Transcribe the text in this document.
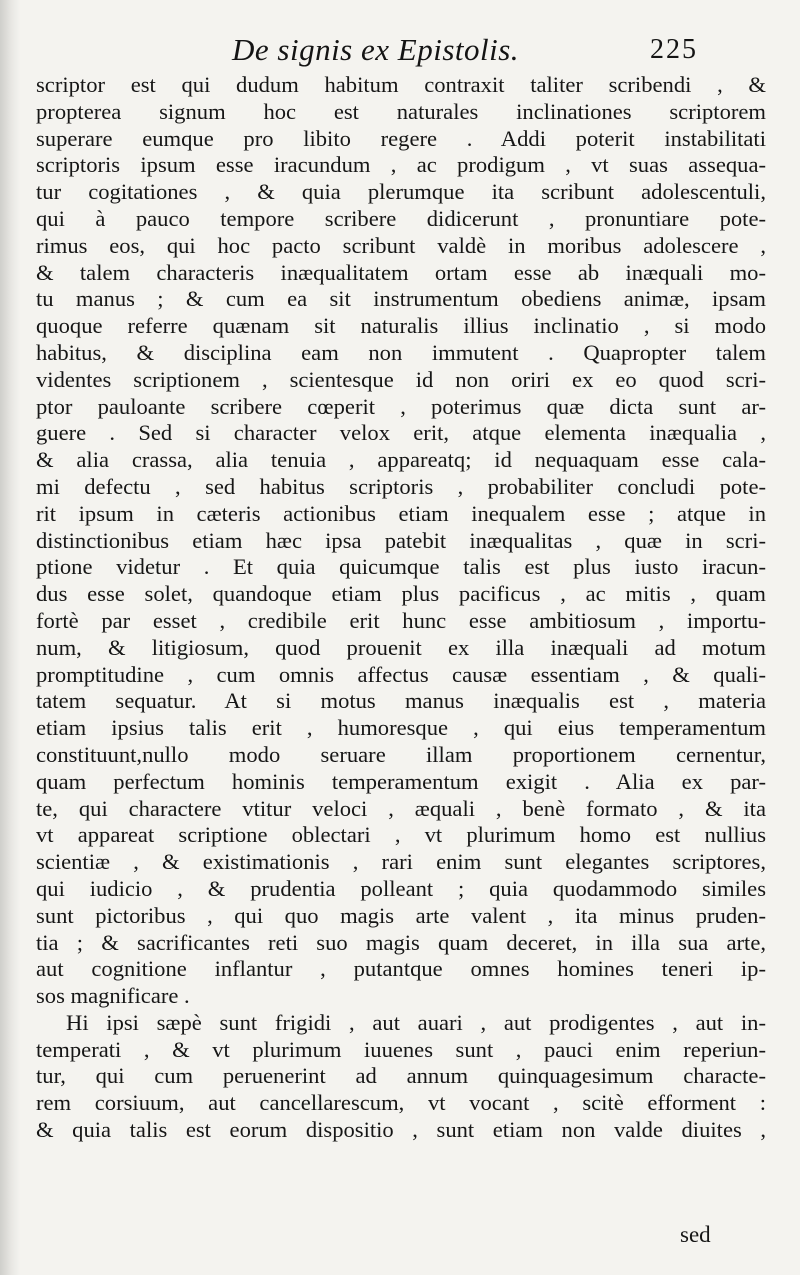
De signis ex Epistolis.	225
scriptor est qui dudum habitum contraxit taliter scribendi , &
propterea signum hoc est naturales inclinationes scriptorem
superare eumque pro libito regere . Addi poterit instabilitati
scriptoris ipsum esse iracundum , ac prodigum , vt suas assequa-
tur cogitationes , & quia plerumque ita scribunt adolescentuli,
qui à pauco tempore scribere didicerunt , pronuntiare pote-
rimus eos, qui hoc pacto scribunt valdè in moribus adolescere ,
& talem characteris inæqualitatem ortam esse ab inæquali mo-
tu manus ; & cum ea sit instrumentum obediens animæ, ipsam
quoque referre quænam sit naturalis illius inclinatio , si modo
habitus, & disciplina eam non immutent . Quapropter talem
videntes scriptionem , scientesque id non oriri ex eo quod scri-
ptor pauloante scribere cœperit , poterimus quæ dicta sunt ar-
guere . Sed si character velox erit, atque elementa inæqualia ,
& alia crassa, alia tenuia , appareatq; id nequaquam esse cala-
mi defectu , sed habitus scriptoris , probabiliter concludi pote-
rit ipsum in cæteris actionibus etiam inequalem esse ; atque in
distinctionibus etiam hæc ipsa patebit inæqualitas , quæ in scri-
ptione videtur . Et quia quicumque talis est plus iusto iracun-
dus esse solet, quandoque etiam plus pacificus , ac mitis , quam
fortè par esset , credibile erit hunc esse ambitiosum , importu-
num, & litigiosum, quod prouenit ex illa inæquali ad motum
promptitudine , cum omnis affectus causæ essentiam , & quali-
tatem sequatur. At si motus manus inæqualis est , materia
etiam ipsius talis erit , humoresque , qui eius temperamentum
constituunt,nullo modo seruare illam proportionem cernentur,
quam perfectum hominis temperamentum exigit . Alia ex par-
te, qui charactere vtitur veloci , æquali , benè formato , & ita
vt appareat scriptione oblectari , vt plurimum homo est nullius
scientiæ , & existimationis , rari enim sunt elegantes scriptores,
qui iudicio , & prudentia polleant ; quia quodammodo similes
sunt pictoribus , qui quo magis arte valent , ita minus pruden-
tia ; & sacrificantes reti suo magis quam deceret, in illa sua arte,
aut cognitione inflantur , putantque omnes homines teneri ip-
sos magnificare .
Hi ipsi sæpè sunt frigidi , aut auari , aut prodigentes , aut in-
temperati , & vt plurimum iuuenes sunt , pauci enim reperiun-
tur, qui cum peruenerint ad annum quinquagesimum characte-
rem corsiuum, aut cancellarescum, vt vocant , scitè efforment :
& quia talis est eorum dispositio , sunt etiam non valde diuites ,
sed
